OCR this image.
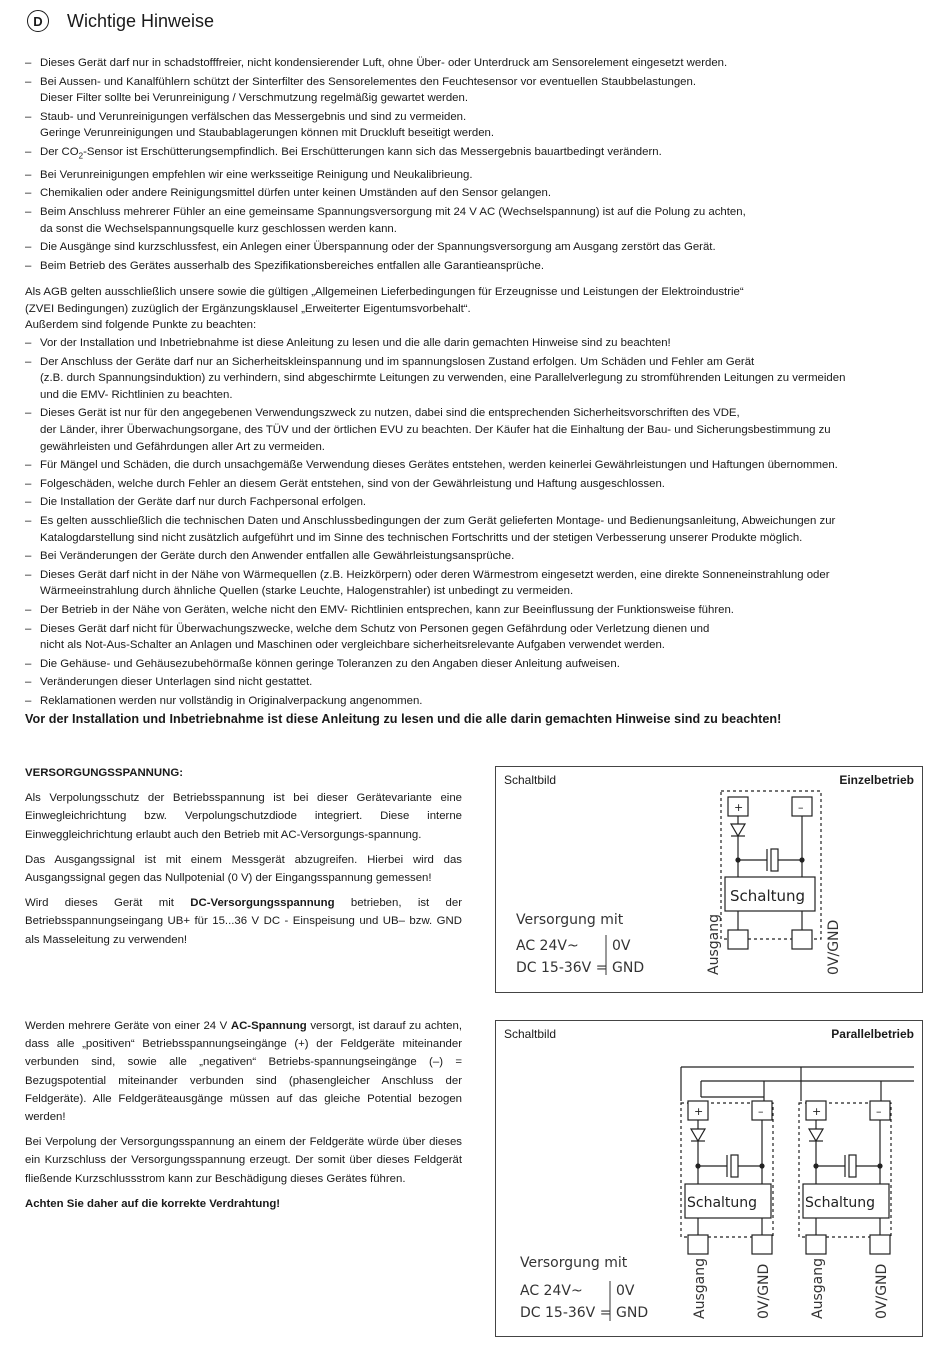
D	Wichtige Hinweise
– Dieses Gerät darf nur in schadstofffreier, nicht kondensierender Luft, ohne Über- oder Unterdruck am Sensorelement eingesetzt werden.
– Bei Aussen- und Kanalfühlern schützt der Sinterfilter des Sensorelementes den Feuchtesensor vor eventuellen Staubbelastungen.
Dieser Filter sollte bei Verunreinigung / Verschmutzung regelmäßig gewartet werden.
– Staub- und Verunreinigungen verfälschen das Messergebnis und sind zu vermeiden.
Geringe Verunreinigungen und Staubablagerungen können mit Druckluft beseitigt werden.
– Der $CO_2$-Sensor ist Erschütterungsempfindlich. Bei Erschütterungen kann sich das Messergebnis bauartbedingt verändern.
– Bei Verunreinigungen empfehlen wir eine werksseitige Reinigung und Neukalibrieung.
– Chemikalien oder andere Reinigungsmittel dürfen unter keinen Umständen auf den Sensor gelangen.
– Beim Anschluss mehrerer Fühler an eine gemeinsame Spannungsversorgung mit 24 V AC (Wechselspannung) ist auf die Polung zu achten,
da sonst die Wechselspannungsquelle kurz geschlossen werden kann.
– Die Ausgänge sind kurzschlussfest, ein Anlegen einer Überspannung oder der Spannungsversorgung am Ausgang zerstört das Gerät.
– Beim Betrieb des Gerätes ausserhalb des Spezifikationsbereiches entfallen alle Garantieansprüche.
Als AGB gelten ausschließlich unsere sowie die gültigen „Allgemeinen Lieferbedingungen für Erzeugnisse und Leistungen der Elektroindustrie“
(ZVEI Bedingungen) zuzüglich der Ergänzungsklausel „Erweiterter Eigentumsvorbehalt“.
Außerdem sind folgende Punkte zu beachten:
– Vor der Installation und Inbetriebnahme ist diese Anleitung zu lesen und die alle darin gemachten Hinweise sind zu beachten!
– Der Anschluss der Geräte darf nur an Sicherheitskleinspannung und im spannungslosen Zustand erfolgen. Um Schäden und Fehler am Gerät
(z.B. durch Spannungsinduktion) zu verhindern, sind abgeschirmte Leitungen zu verwenden, eine Parallelverlegung zu stromführenden Leitungen zu vermeiden
und die EMV- Richtlinien zu beachten.
– Dieses Gerät ist nur für den angegebenen Verwendungszweck zu nutzen, dabei sind die entsprechenden Sicherheitsvorschriften des VDE,
der Länder, ihrer Überwachungsorgane, des TÜV und der örtlichen EVU zu beachten. Der Käufer hat die Einhaltung der Bau- und Sicherungsbestimmung zu
gewährleisten und Gefährdungen aller Art zu vermeiden.
– Für Mängel und Schäden, die durch unsachgemäße Verwendung dieses Gerätes entstehen, werden keinerlei Gewährleistungen und Haftungen übernommen.
– Folgeschäden, welche durch Fehler an diesem Gerät entstehen, sind von der Gewährleistung und Haftung ausgeschlossen.
– Die Installation der Geräte darf nur durch Fachpersonal erfolgen.
– Es gelten ausschließlich die technischen Daten und Anschlussbedingungen der zum Gerät gelieferten Montage- und Bedienungsanleitung, Abweichungen zur
Katalogdarstellung sind nicht zusätzlich aufgeführt und im Sinne des technischen Fortschritts und der stetigen Verbesserung unserer Produkte möglich.
– Bei Veränderungen der Geräte durch den Anwender entfallen alle Gewährleistungsansprüche.
– Dieses Gerät darf nicht in der Nähe von Wärmequellen (z.B. Heizkörpern) oder deren Wärmestrom eingesetzt werden, eine direkte Sonneneinstrahlung oder
Wärmeeinstrahlung durch ähnliche Quellen (starke Leuchte, Halogenstrahler) ist unbedingt zu vermeiden.
– Der Betrieb in der Nähe von Geräten, welche nicht den EMV- Richtlinien entsprechen, kann zur Beeinflussung der Funktionsweise führen.
– Dieses Gerät darf nicht für Überwachungszwecke, welche dem Schutz von Personen gegen Gefährdung oder Verletzung dienen und
nicht als Not-Aus-Schalter an Anlagen und Maschinen oder vergleichbare sicherheitsrelevante Aufgaben verwendet werden.
– Die Gehäuse- und Gehäusezubehörmaße können geringe Toleranzen zu den Angaben dieser Anleitung aufweisen.
– Veränderungen dieser Unterlagen sind nicht gestattet.
– Reklamationen werden nur vollständig in Originalverpackung angenommen.
Vor der Installation und Inbetriebnahme ist diese Anleitung zu lesen und die alle darin gemachten Hinweise sind zu beachten!
VERSORGUNGSSPANNUNG:

Als Verpolungsschutz der Betriebsspannung ist bei dieser Gerätevariante eine Einwegleichrichtung bzw. Verpolungschutzdiode integriert. Diese interne Einweggleichrichtung erlaubt auch den Betrieb mit AC-Versorgungs-spannung.

Das Ausgangssignal ist mit einem Messgerät abzugreifen. Hierbei wird das Ausgangssignal gegen das Nullpotenial (0 V) der Eingangsspannung gemessen!

Wird dieses Gerät mit DC-Versorgungsspannung betrieben, ist der Betriebsspannungseingang UB+ für 15...36 V DC - Einspeisung und UB– bzw. GND als Masseleitung zu verwenden!

Werden mehrere Geräte von einer 24 V AC-Spannung versorgt, ist darauf zu achten, dass alle „positiven“ Betriebsspannungseingänge (+) der Feldgeräte miteinander verbunden sind, sowie alle „negativen“ Betriebs-spannungseingänge (–) = Bezugspotential miteinander verbunden sind (phasengleicher Anschluss der Feldgeräte). Alle Feldgeräteausgänge müssen auf das gleiche Potential bezogen werden!

Bei Verpolung der Versorgungsspannung an einem der Feldgeräte würde über dieses ein Kurzschluss der Versorgungsspannung erzeugt. Der somit über dieses Feldgerät fließende Kurzschlussstrom kann zur Beschädigung dieses Gerätes führen.

Achten Sie daher auf die korrekte Verdrahtung!

Schaltbild	Einzelbetrieb
Schaltung
+	–
Versorgung mit
AC 24V~
DC 15-36V =
0V
GND	Ausgang	0V/GND
Schaltbild	Parallelbetrieb
+	–	+	–
Schaltung	Schaltung
Versorgung mit
AC 24V~
DC 15-36V =
0V
GND	Ausgang	0V/GND	Ausgang	0V/GND
